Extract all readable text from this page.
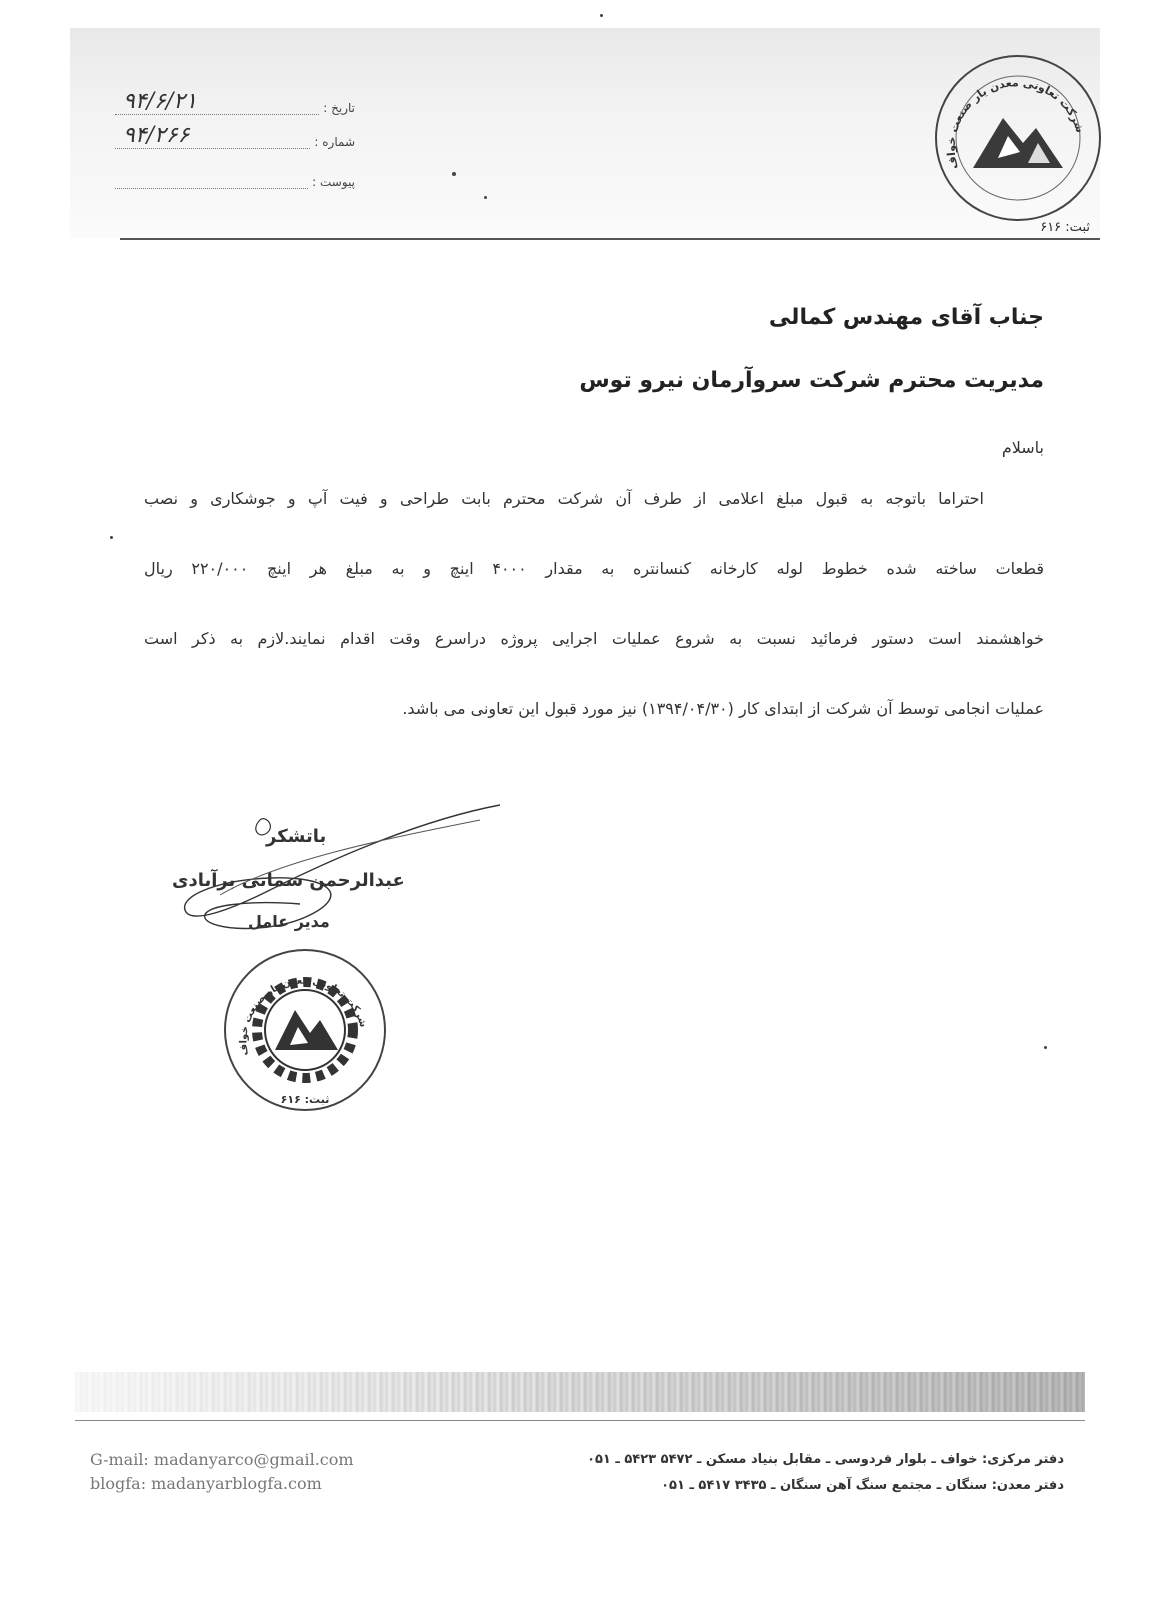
شرکت تعاونی معدن یار صنعت خواف
ثبت: ۶۱۶
تاریخ :
۹۴/۶/۲۱
شماره :
۹۴/۲۶۶
پیوست :
جناب آقای مهندس کمالی
مدیریت محترم شرکت سروآرمان نیرو توس
باسلام
احتراما باتوجه به قبول مبلغ اعلامی از طرف آن شرکت محترم بابت طراحی و فیت آپ و جوشکاری و نصب
قطعات ساخته شده خطوط لوله کارخانه کنسانتره به مقدار ۴۰۰۰ اینچ و به مبلغ هر اینچ ۲۲۰/۰۰۰ ریال
خواهشمند است دستور فرمائید نسبت به شروع عملیات اجرایی پروژه دراسرع وقت اقدام نمایند.لازم به ذکر است
عملیات انجامی توسط آن شرکت از ابتدای کار (۱۳۹۴/۰۴/۳۰) نیز مورد قبول این تعاونی می باشد.
باتشکر
عبدالرحمن سمانی برآبادی
مدیر عامل
شرکت تعاونی معدن یار صنعت خواف
ثبت: ۶۱۶
G-mail: madanyarco@gmail.com
blogfa: madanyarblogfa.com
دفتر مرکزی: خواف ـ بلوار فردوسی ـ مقابل بنیاد مسکن ـ ۵۴۷۲ ۵۴۲۳ ـ ۰۵۱
دفتر معدن: سنگان ـ مجتمع سنگ آهن سنگان ـ ۳۴۳۵ ۵۴۱۷ ـ ۰۵۱
